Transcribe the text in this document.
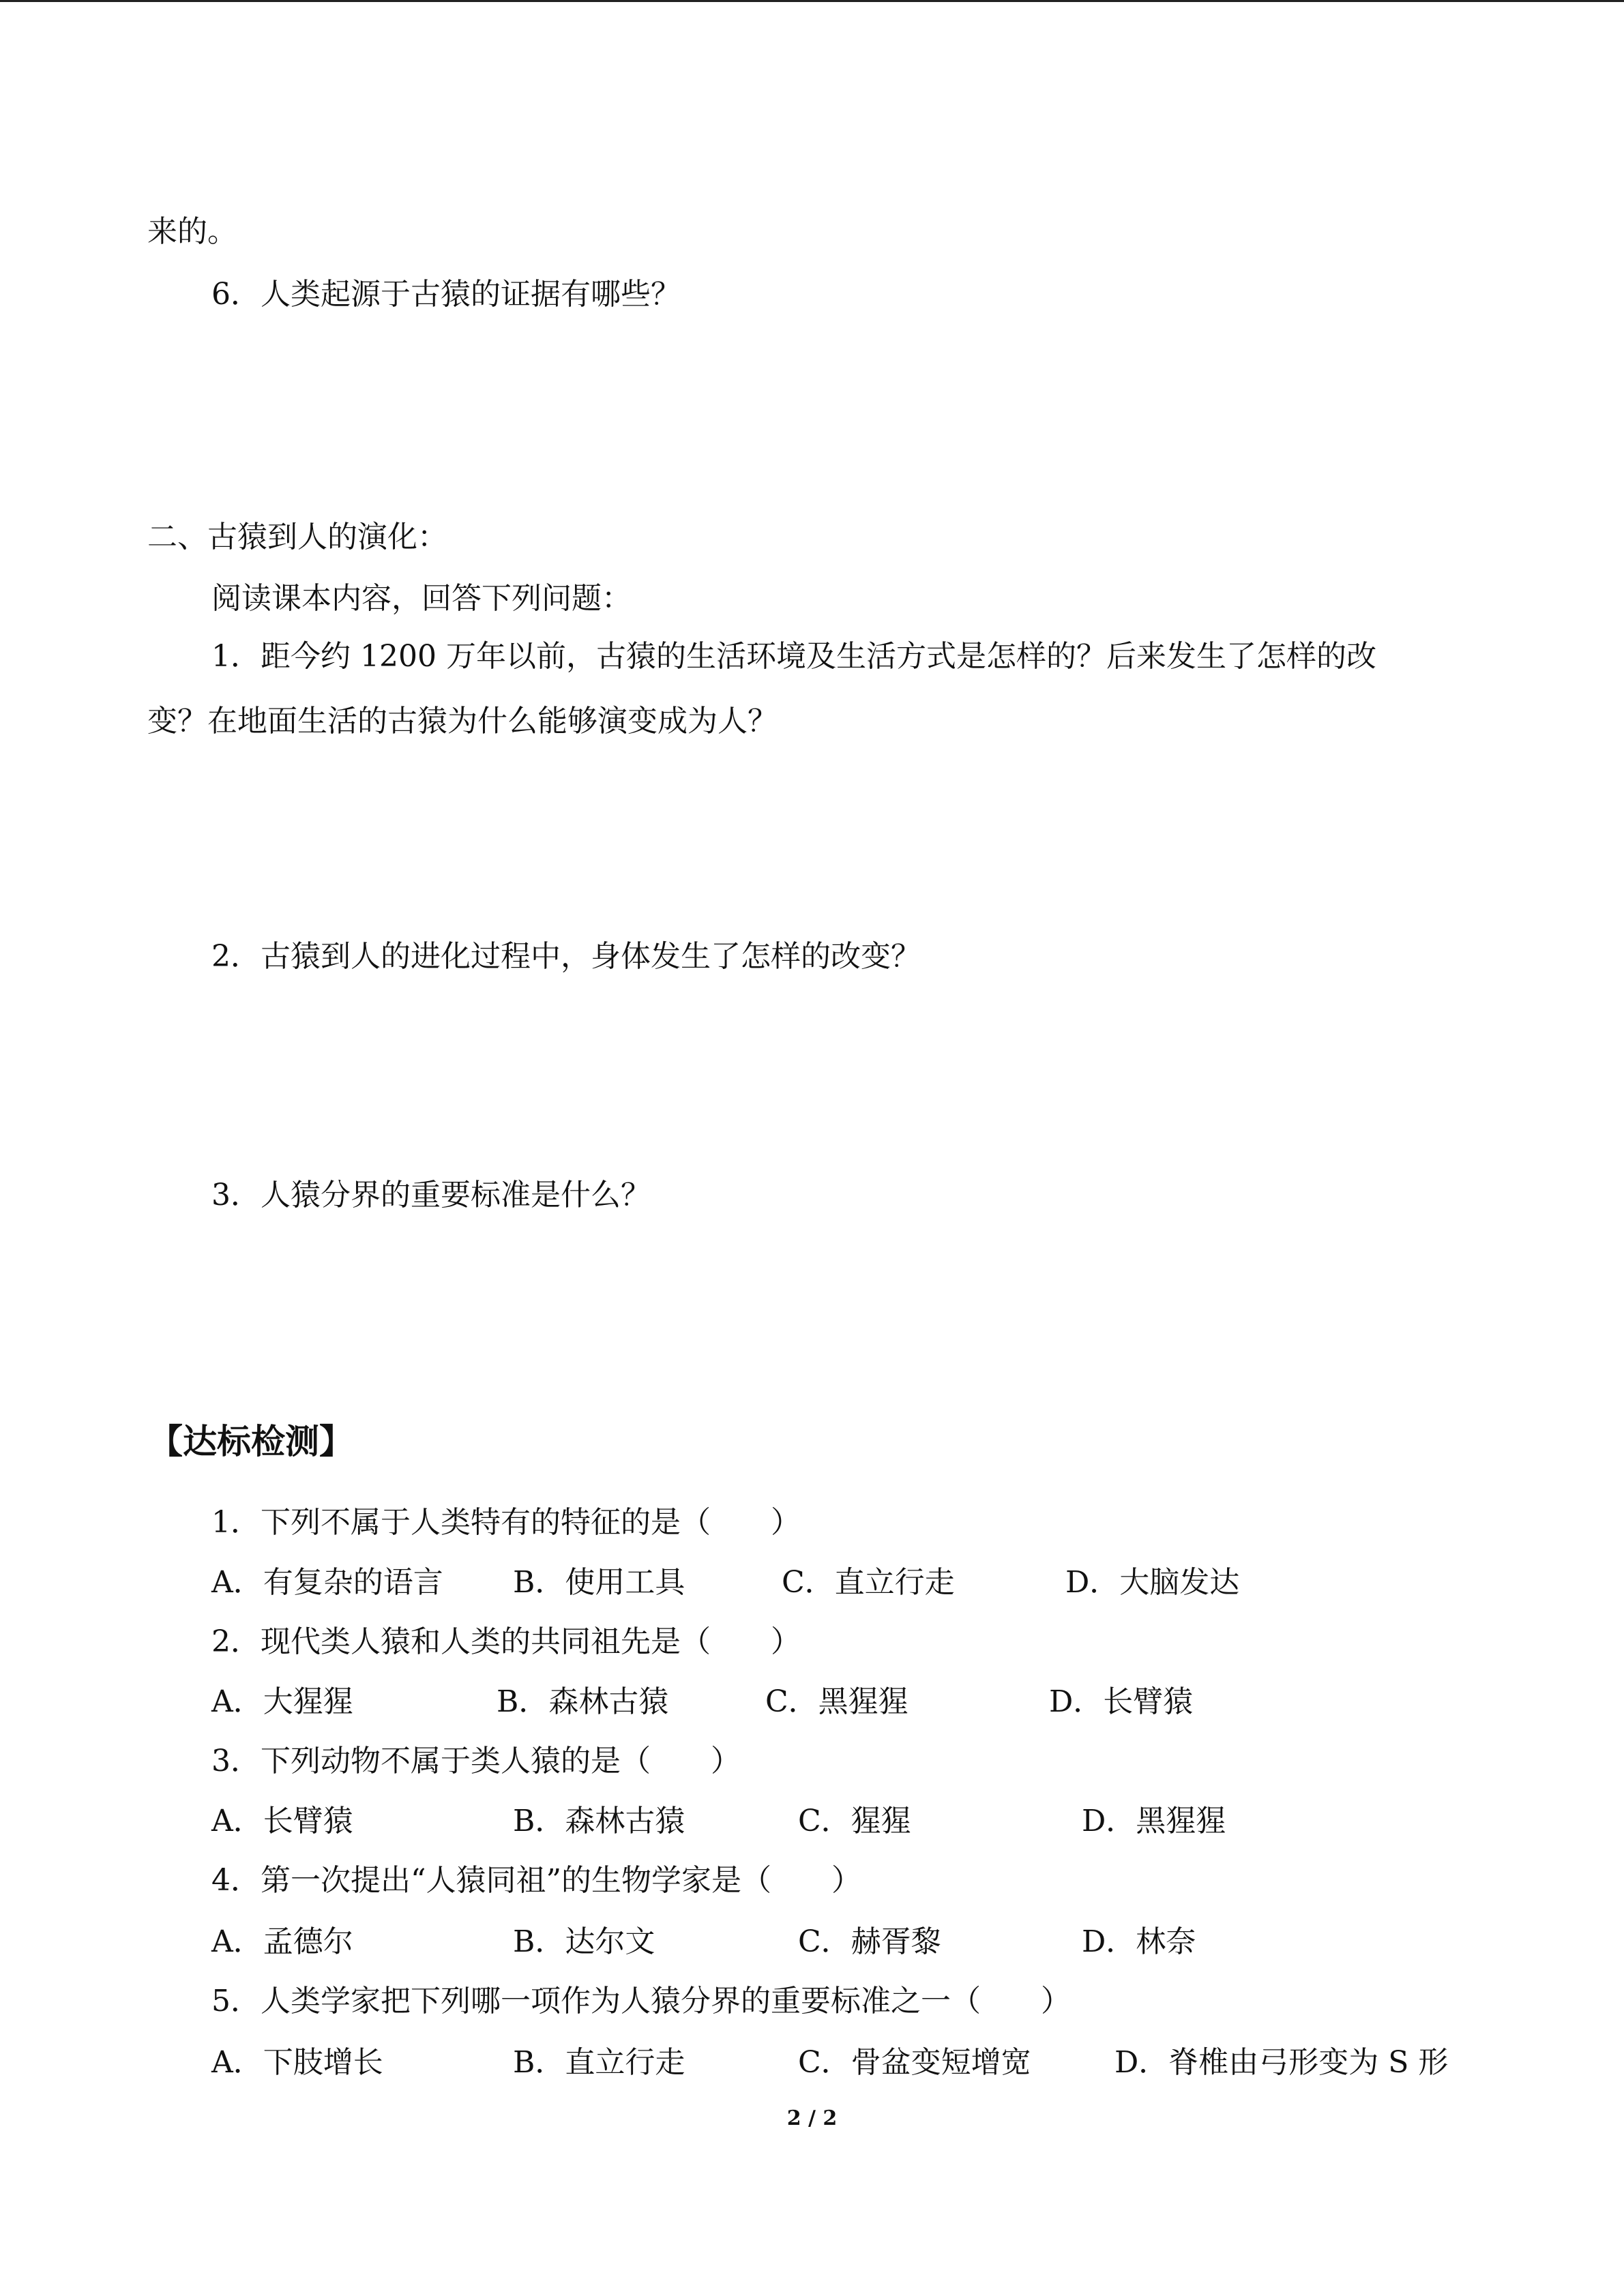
来的。
6．人类起源于古猿的证据有哪些？
二、古猿到人的演化：
阅读课本内容，回答下列问题：
1．距今约 1200 万年以前，古猿的生活环境及生活方式是怎样的？后来发生了怎样的改
变？在地面生活的古猿为什么能够演变成为人？
2．古猿到人的进化过程中，身体发生了怎样的改变？
3．人猿分界的重要标准是什么？
【达标检测】
1．下列不属于人类特有的特征的是（　　）
A．有复杂的语言 B．使用工具	C．直立行走	D．大脑发达
2．现代类人猿和人类的共同祖先是（　　）
A．大猩猩	B．森林古猿	C．黑猩猩	D．长臂猿
3．下列动物不属于类人猿的是（　　）
A．长臂猿	B．森林古猿	C．猩猩	D．黑猩猩
4．第一次提出“人猿同祖”的生物学家是（　　）
A．孟德尔	B．达尔文	C．赫胥黎	D．林奈
5．人类学家把下列哪一项作为人猿分界的重要标准之一（　　）
A．下肢增长	B．直立行走	C．骨盆变短增宽	D．脊椎由弓形变为 S 形
2 / 2
